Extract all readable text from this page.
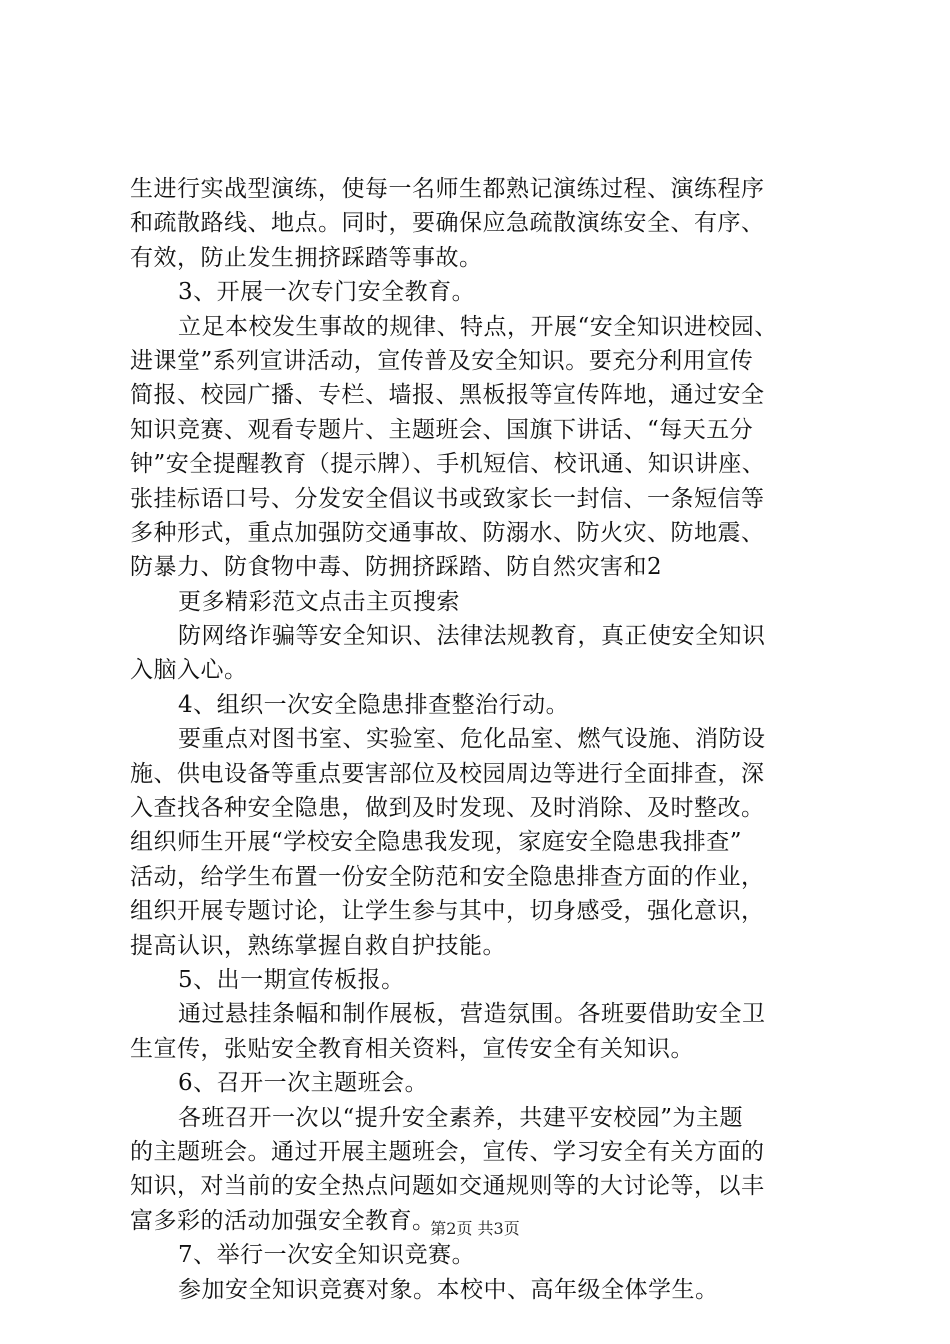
生进行实战型演练，使每一名师生都熟记演练过程、演练程序
和疏散路线、地点。同时，要确保应急疏散演练安全、有序、
有效，防止发生拥挤踩踏等事故。
3、开展一次专门安全教育。
立足本校发生事故的规律、特点，开展“安全知识进校园、
进课堂”系列宣讲活动，宣传普及安全知识。要充分利用宣传
简报、校园广播、专栏、墙报、黑板报等宣传阵地，通过安全
知识竞赛、观看专题片、主题班会、国旗下讲话、“每天五分
钟”安全提醒教育（提示牌）、手机短信、校讯通、知识讲座、
张挂标语口号、分发安全倡议书或致家长一封信、一条短信等
多种形式，重点加强防交通事故、防溺水、防火灾、防地震、
防暴力、防食物中毒、防拥挤踩踏、防自然灾害和2
更多精彩范文点击主页搜索
防网络诈骗等安全知识、法律法规教育，真正使安全知识
入脑入心。
4、组织一次安全隐患排查整治行动。
要重点对图书室、实验室、危化品室、燃气设施、消防设
施、供电设备等重点要害部位及校园周边等进行全面排查，深
入查找各种安全隐患，做到及时发现、及时消除、及时整改。
组织师生开展“学校安全隐患我发现，家庭安全隐患我排查”
活动，给学生布置一份安全防范和安全隐患排查方面的作业，
组织开展专题讨论，让学生参与其中，切身感受，强化意识，
提高认识，熟练掌握自救自护技能。
5、出一期宣传板报。
通过悬挂条幅和制作展板，营造氛围。各班要借助安全卫
生宣传，张贴安全教育相关资料，宣传安全有关知识。
6、召开一次主题班会。
各班召开一次以“提升安全素养，共建平安校园”为主题
的主题班会。通过开展主题班会，宣传、学习安全有关方面的
知识，对当前的安全热点问题如交通规则等的大讨论等，以丰
富多彩的活动加强安全教育。
7、举行一次安全知识竞赛。
参加安全知识竞赛对象。本校中、高年级全体学生。
第2页 共3页
